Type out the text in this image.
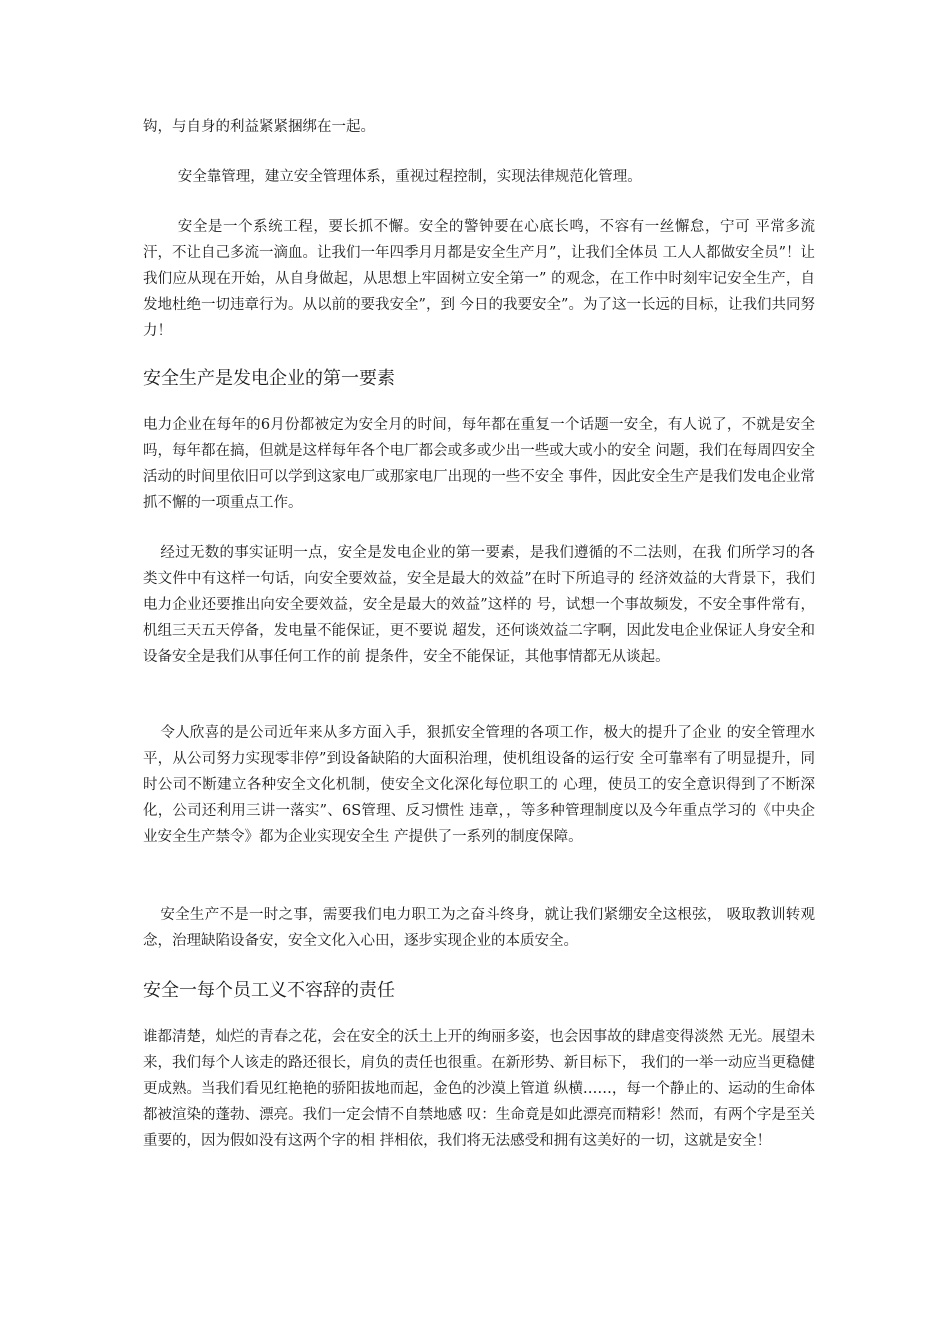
钩，与自身的利益紧紧捆绑在一起。

安全靠管理，建立安全管理体系，重视过程控制，实现法律规范化管理。

安全是一个系统工程，要长抓不懈。安全的警钟要在心底长鸣，不容有一丝懈怠，宁可 平常多流汗，不让自己多流一滴血。让我们一年四季月月都是安全生产月”，让我们全体员 工人人都做安全员”！让我们应从现在开始，从自身做起，从思想上牢固树立安全第一” 的观念，在工作中时刻牢记安全生产，自发地杜绝一切违章行为。从以前的要我安全”，到 今日的我要安全”。为了这一长远的目标，让我们共同努力！

安全生产是发电企业的第一要素

电力企业在每年的6月份都被定为安全月的时间，每年都在重复一个话题一安全，有人说了，不就是安全吗，每年都在搞，但就是这样每年各个电厂都会或多或少出一些或大或小的安全 问题，我们在每周四安全活动的时间里依旧可以学到这家电厂或那家电厂出现的一些不安全 事件，因此安全生产是我们发电企业常抓不懈的一项重点工作。

经过无数的事实证明一点，安全是发电企业的第一要素，是我们遵循的不二法则，在我 们所学习的各类文件中有这样一句话，向安全要效益，安全是最大的效益”在时下所追寻的 经济效益的大背景下，我们电力企业还要推出向安全要效益，安全是最大的效益”这样的 号，试想一个事故频发，不安全事件常有，机组三天五天停备，发电量不能保证，更不要说 超发，还何谈效益二字啊，因此发电企业保证人身安全和设备安全是我们从事任何工作的前 提条件，安全不能保证，其他事情都无从谈起。

令人欣喜的是公司近年来从多方面入手，狠抓安全管理的各项工作，极大的提升了企业 的安全管理水平，从公司努力实现零非停”到设备缺陷的大面积治理，使机组设备的运行安 全可靠率有了明显提升，同时公司不断建立各种安全文化机制，使安全文化深化每位职工的 心理，使员工的安全意识得到了不断深化，公司还利用三讲一落实”、6S管理、反习惯性 违章，，等多种管理制度以及今年重点学习的《中央企业安全生产禁令》都为企业实现安全生 产提供了一系列的制度保障。

安全生产不是一时之事，需要我们电力职工为之奋斗终身，就让我们紧绷安全这根弦， 吸取教训转观念，治理缺陷设备安，安全文化入心田，逐步实现企业的本质安全。

安全一每个员工义不容辞的责任

谁都清楚，灿烂的青春之花，会在安全的沃土上开的绚丽多姿，也会因事故的肆虐变得淡然 无光。展望未来，我们每个人该走的路还很长，肩负的责任也很重。在新形势、新目标下， 我们的一举一动应当更稳健更成熟。当我们看见红艳艳的骄阳拔地而起，金色的沙漠上管道 纵横……，每一个静止的、运动的生命体都被渲染的蓬勃、漂亮。我们一定会情不自禁地感 叹：生命竟是如此漂亮而精彩！然而，有两个字是至关重要的，因为假如没有这两个字的相 拌相依，我们将无法感受和拥有这美好的一切，这就是安全！
